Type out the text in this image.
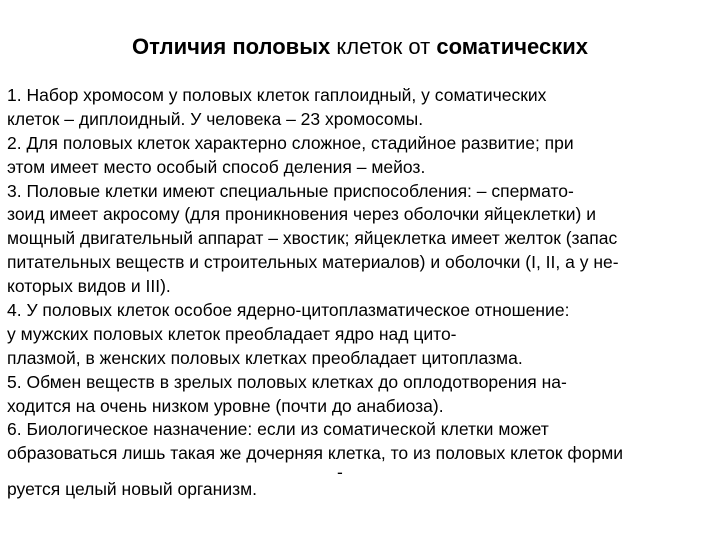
Отличия половых клеток от соматических
1. Набор хромосом у половых клеток гаплоидный, у соматических
клеток – диплоидный. У человека – 23 хромосомы.
2. Для половых клеток характерно сложное, стадийное развитие; при
этом имеет место особый способ деления – мейоз.
3. Половые клетки имеют специальные приспособления: – спермато-
зоид имеет акросому (для проникновения через оболочки яйцеклетки) и
мощный двигательный аппарат – хвостик; яйцеклетка имеет желток (запас
питательных веществ и строительных материалов) и оболочки (I, II, а у не-
которых видов и III).
4. У половых клеток особое ядерно-цитоплазматическое отношение:
у мужских половых клеток преобладает ядро над цито-
плазмой, в женских половых клетках преобладает цитоплазма.
5. Обмен веществ в зрелых половых клетках до оплодотворения на-
ходится на очень низком уровне (почти до анабиоза).
6. Биологическое назначение: если из соматической клетки может
образоваться лишь такая же дочерняя клетка, то из половых клеток форми
-
руется целый новый организм.
